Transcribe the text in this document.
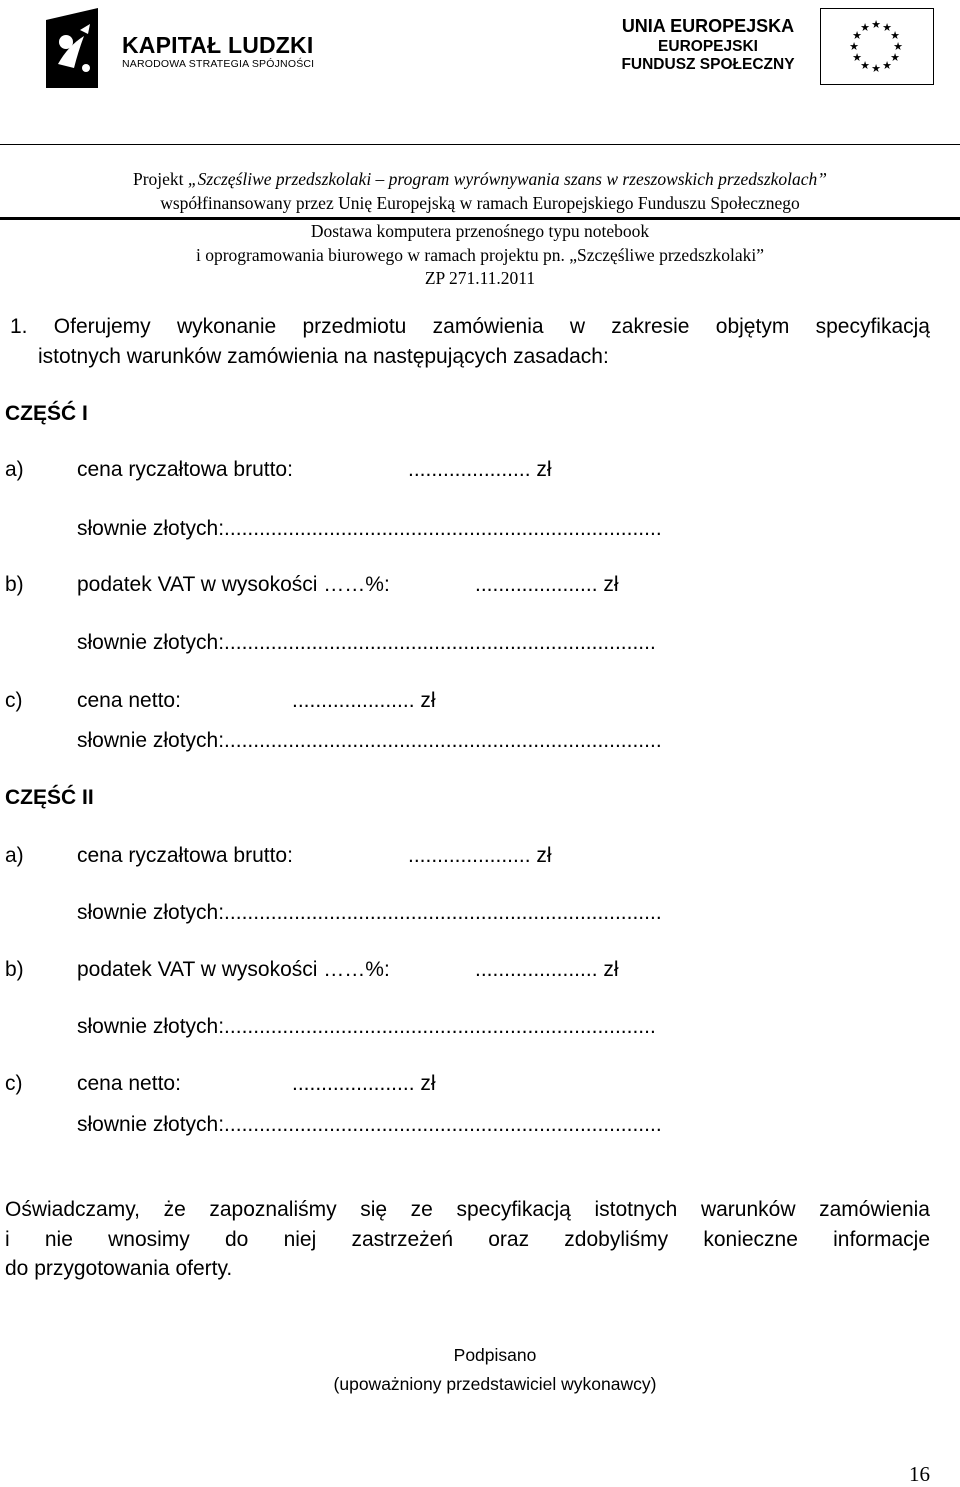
KAPITAŁ LUDZKI
NARODOWA STRATEGIA SPÓJNOŚCI
UNIA EUROPEJSKA
EUROPEJSKI
FUNDUSZ SPOŁECZNY
★ ★
★
★
★
★
★
★
★
★
★
★
Projekt „Szczęśliwe przedszkolaki – program wyrównywania szans w rzeszowskich przedszkolach”
współfinansowany przez Unię Europejską w ramach Europejskiego Funduszu Społecznego
Dostawa komputera przenośnego typu notebook
i oprogramowania biurowego w ramach projektu pn. „Szczęśliwe przedszkolaki”
ZP 271.11.2011
1. Oferujemy wykonanie przedmiotu zamówienia w zakresie objętym specyfikacją
istotnych warunków zamówienia na następujących zasadach:
CZĘŚĆ I
a)	cena ryczałtowa brutto:	..................... zł
słownie złotych:...........................................................................
b)	podatek VAT w wysokości ……%:	..................... zł
słownie złotych:..........................................................................
c)	cena netto:	..................... zł
słownie złotych:...........................................................................
CZĘŚĆ II
a)	cena ryczałtowa brutto:	..................... zł
słownie złotych:...........................................................................
b)	podatek VAT w wysokości ……%:	..................... zł
słownie złotych:..........................................................................
c)	cena netto:	..................... zł
słownie złotych:...........................................................................
Oświadczamy, że zapoznaliśmy się ze specyfikacją istotnych warunków zamówienia
i nie wnosimy do niej zastrzeżeń oraz zdobyliśmy konieczne informacje
do przygotowania oferty.
Podpisano
(upoważniony przedstawiciel wykonawcy)
16
